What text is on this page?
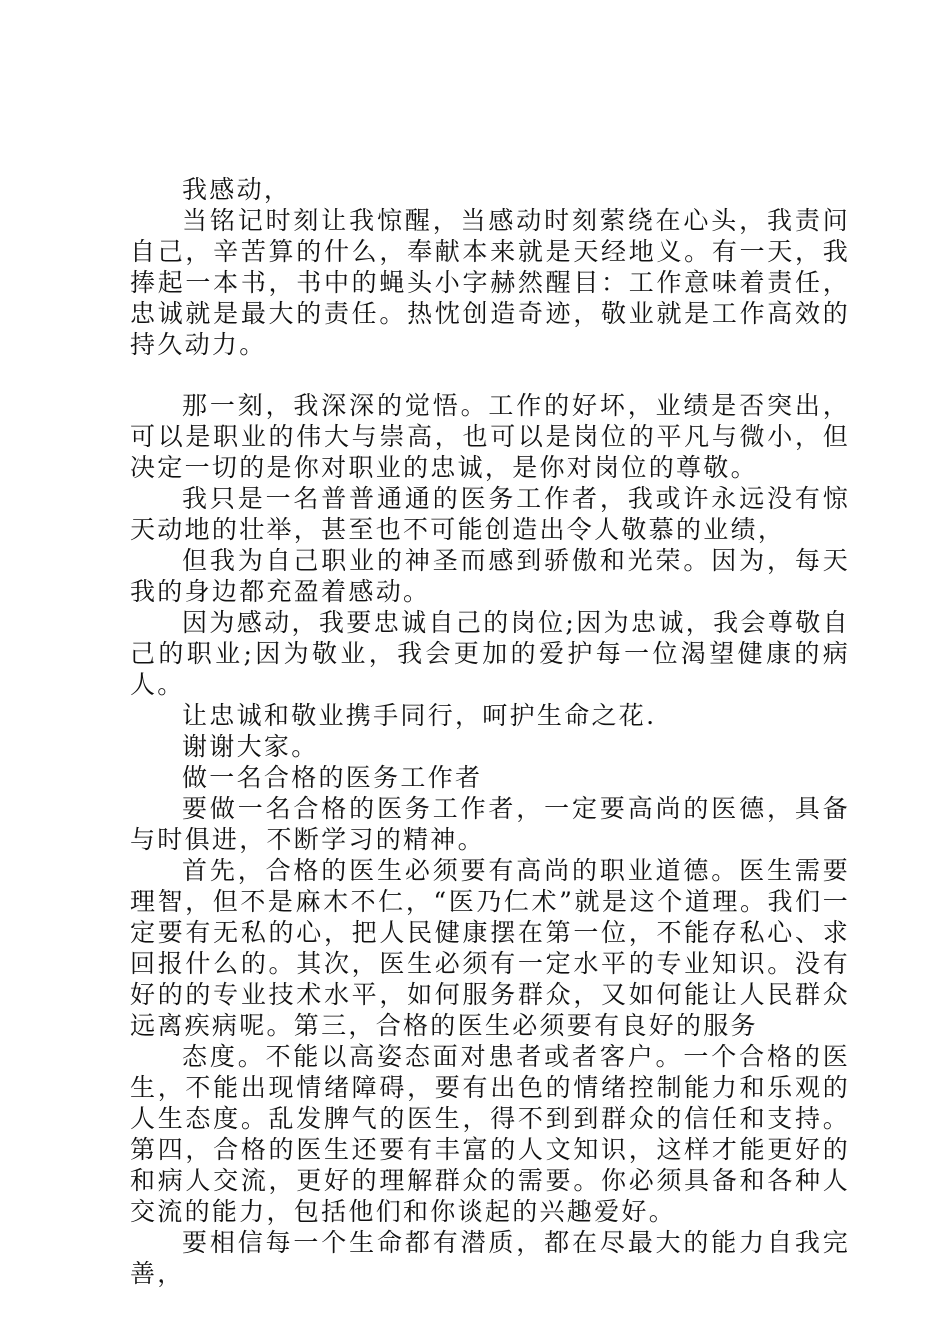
我感动，

当铭记时刻让我惊醒，当感动时刻萦绕在心头，我责问自己，辛苦算的什么，奉献本来就是天经地义。有一天，我捧起一本书，书中的蝇头小字赫然醒目：工作意味着责任，忠诚就是最大的责任。热忱创造奇迹，敬业就是工作高效的持久动力。

那一刻，我深深的觉悟。工作的好坏，业绩是否突出，可以是职业的伟大与崇高，也可以是岗位的平凡与微小，但决定一切的是你对职业的忠诚，是你对岗位的尊敬。

我只是一名普普通通的医务工作者，我或许永远没有惊天动地的壮举，甚至也不可能创造出令人敬慕的业绩，

但我为自己职业的神圣而感到骄傲和光荣。因为，每天我的身边都充盈着感动。

因为感动，我要忠诚自己的岗位;因为忠诚，我会尊敬自己的职业;因为敬业，我会更加的爱护每一位渴望健康的病人。

让忠诚和敬业携手同行，呵护生命之花.

谢谢大家。

做一名合格的医务工作者

要做一名合格的医务工作者，一定要高尚的医德，具备与时俱进，不断学习的精神。

首先，合格的医生必须要有高尚的职业道德。医生需要理智，但不是麻木不仁，“医乃仁术”就是这个道理。我们一定要有无私的心，把人民健康摆在第一位，不能存私心、求回报什么的。其次，医生必须有一定水平的专业知识。没有好的的专业技术水平，如何服务群众，又如何能让人民群众远离疾病呢。第三，合格的医生必须要有良好的服务

态度。不能以高姿态面对患者或者客户。一个合格的医生，不能出现情绪障碍，要有出色的情绪控制能力和乐观的人生态度。乱发脾气的医生，得不到到群众的信任和支持。第四，合格的医生还要有丰富的人文知识，这样才能更好的和病人交流，更好的理解群众的需要。你必须具备和各种人交流的能力，包括他们和你谈起的兴趣爱好。

要相信每一个生命都有潜质，都在尽最大的能力自我完善，
